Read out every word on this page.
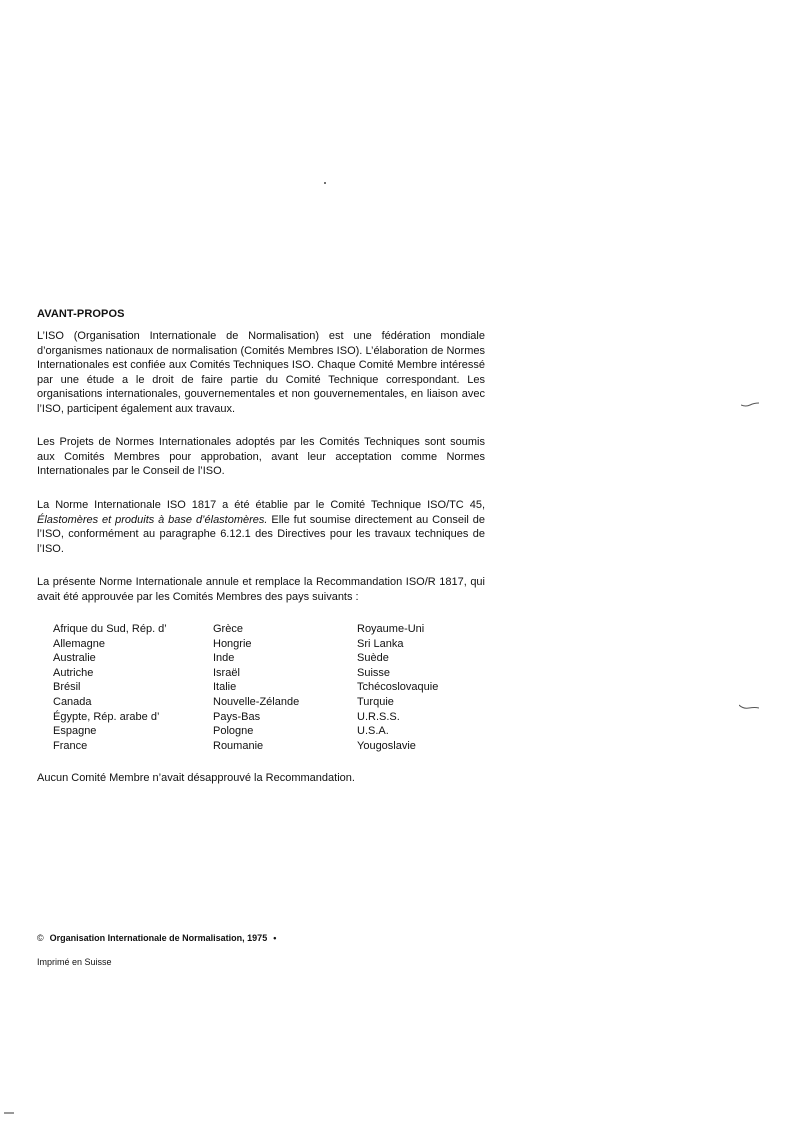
AVANT-PROPOS

L’ISO (Organisation Internationale de Normalisation) est une fédération mondiale d’organismes nationaux de normalisation (Comités Membres ISO). L’élaboration de Normes Internationales est confiée aux Comités Techniques ISO. Chaque Comité Membre intéressé par une étude a le droit de faire partie du Comité Technique correspondant. Les organisations internationales, gouvernementales et non gouvernementales, en liaison avec l’ISO, participent également aux travaux.

Les Projets de Normes Internationales adoptés par les Comités Techniques sont soumis aux Comités Membres pour approbation, avant leur acceptation comme Normes Internationales par le Conseil de l’ISO.

La Norme Internationale ISO 1817 a été établie par le Comité Technique ISO/TC 45, Élastomères et produits à base d’élastomères. Elle fut soumise directement au Conseil de l’ISO, conformément au paragraphe 6.12.1 des Directives pour les travaux techniques de l’ISO.

La présente Norme Internationale annule et remplace la Recommandation ISO/R 1817, qui avait été approuvée par les Comités Membres des pays suivants :

Afrique du Sud, Rép. d’
Allemagne
Australie
Autriche
Brésil
Canada
Égypte, Rép. arabe d’
Espagne
France
Grèce
Hongrie
Inde
Israël
Italie
Nouvelle-Zélande
Pays-Bas
Pologne
Roumanie
Royaume-Uni
Sri Lanka
Suède
Suisse
Tchécoslovaquie
Turquie
U.R.S.S.
U.S.A.
Yougoslavie

Aucun Comité Membre n’avait désapprouvé la Recommandation.

© Organisation Internationale de Normalisation, 1975 •
Imprimé en Suisse
